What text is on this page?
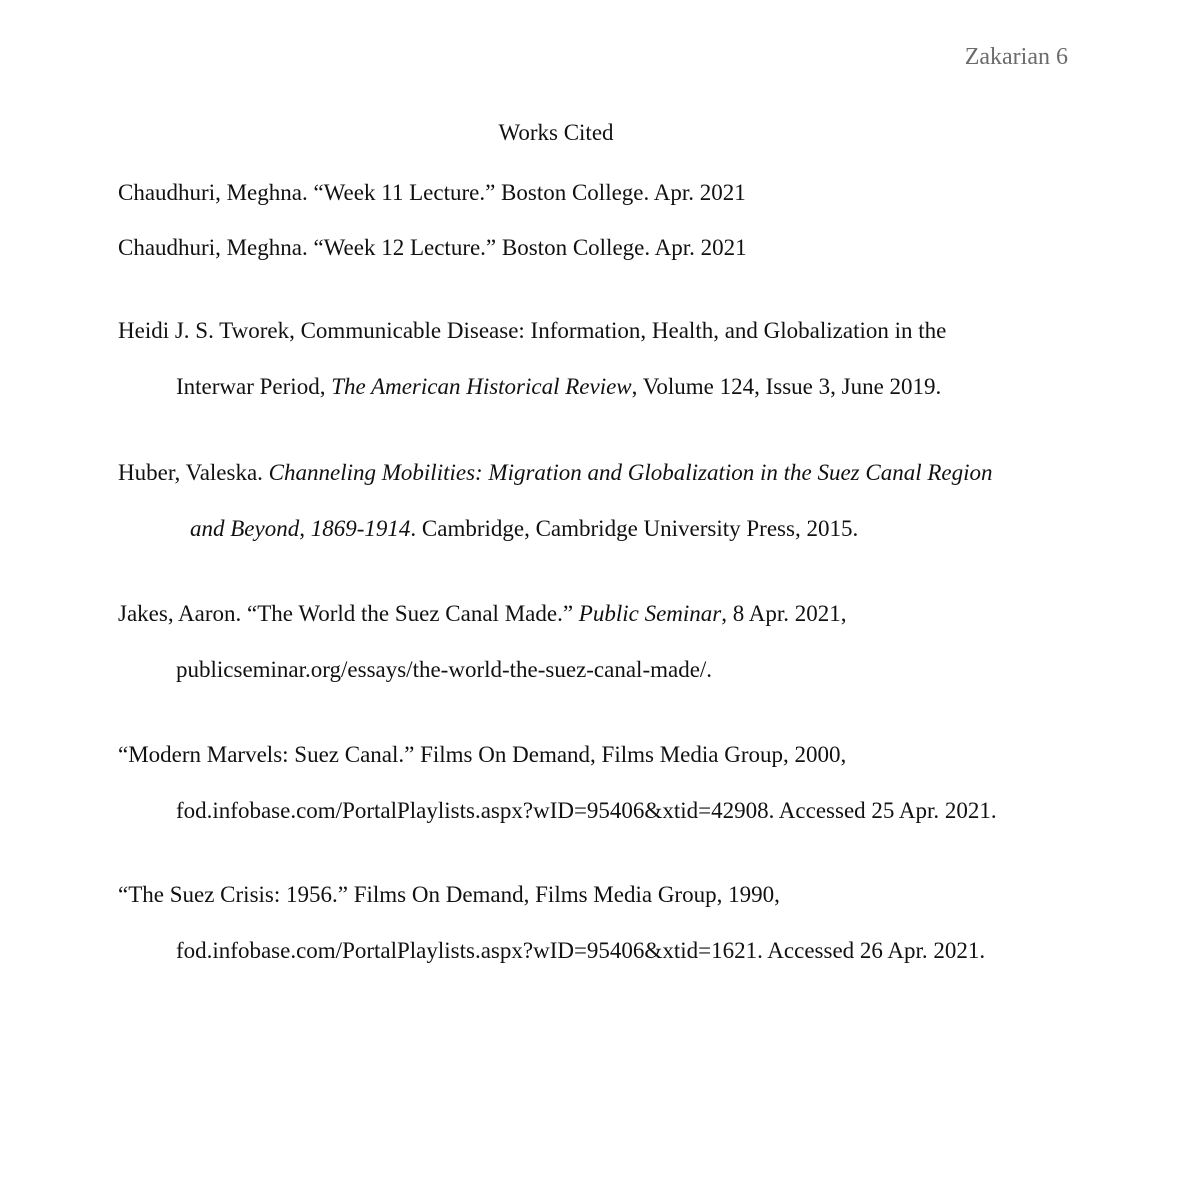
Zakarian 6
Works Cited
Chaudhuri, Meghna. “Week 11 Lecture.” Boston College. Apr. 2021
Chaudhuri, Meghna. “Week 12 Lecture.” Boston College. Apr. 2021
Heidi J. S. Tworek, Communicable Disease: Information, Health, and Globalization in the
Interwar Period, The American Historical Review, Volume 124, Issue 3, June 2019.
Huber, Valeska. Channeling Mobilities: Migration and Globalization in the Suez Canal Region
and Beyond, 1869-1914. Cambridge, Cambridge University Press, 2015.
Jakes, Aaron. “The World the Suez Canal Made.” Public Seminar, 8 Apr. 2021,
publicseminar.org/essays/the-world-the-suez-canal-made/.
“Modern Marvels: Suez Canal.” Films On Demand, Films Media Group, 2000,
fod.infobase.com/PortalPlaylists.aspx?wID=95406&xtid=42908. Accessed 25 Apr. 2021.
“The Suez Crisis: 1956.” Films On Demand, Films Media Group, 1990,
fod.infobase.com/PortalPlaylists.aspx?wID=95406&xtid=1621. Accessed 26 Apr. 2021.
